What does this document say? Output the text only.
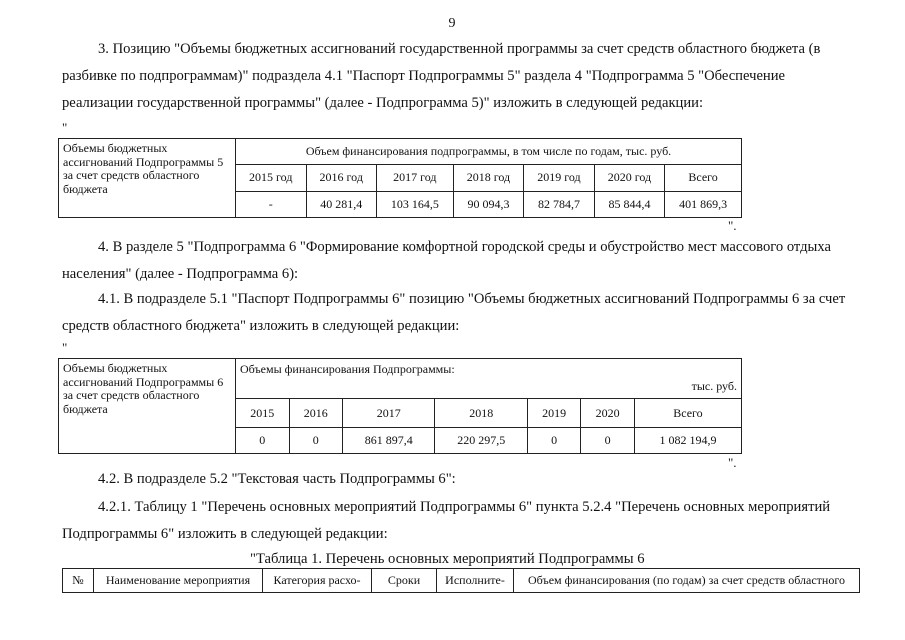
9
3. Позицию "Объемы бюджетных ассигнований государственной программы за счет средств областного бюджета (в разбивке по подпрограммам)" подраздела 4.1 "Паспорт Подпрограммы 5" раздела 4 "Подпрограмма 5 "Обеспечение реализации государственной программы" (далее - Подпрограмма 5)" изложить в следующей редакции:
"
Объемы бюджетных ассигнований Подпрограммы 5 за счет средств областного бюджета	Объем финансирования подпрограммы, в том числе по годам, тыс. руб.						
	2015 год	2016 год	2017 год	2018 год	2019 год	2020 год	Всего
	-	40 281,4	103 164,5	90 094,3	82 784,7	85 844,4	401 869,3
".
4. В разделе 5 "Подпрограмма 6 "Формирование комфортной городской среды и обустройство мест массового отдыха населения" (далее - Подпрограмма 6):
4.1. В подразделе 5.1 "Паспорт Подпрограммы 6" позицию "Объемы бюджетных ассигнований Подпрограммы 6 за счет средств областного бюджета" изложить в следующей редакции:
"
Объемы бюджетных ассигнований Подпрограммы 6 за счет средств областного бюджета	Объемы финансирования Подпрограммы:
тыс. руб.						

	2015	2016	2017	2018	2019	2020	Всего
	0	0	861 897,4	220 297,5	0	0	1 082 194,9
".
4.2. В подразделе 5.2 "Текстовая часть Подпрограммы 6":
4.2.1. Таблицу 1 "Перечень основных мероприятий Подпрограммы 6" пункта 5.2.4 "Перечень основных мероприятий Подпрограммы 6" изложить в следующей редакции:
"Таблица 1. Перечень основных мероприятий Подпрограммы 6
№	Наименование мероприятия	Категория расхо-	Сроки	Исполните-	Объем финансирования (по годам) за счет средств областного
